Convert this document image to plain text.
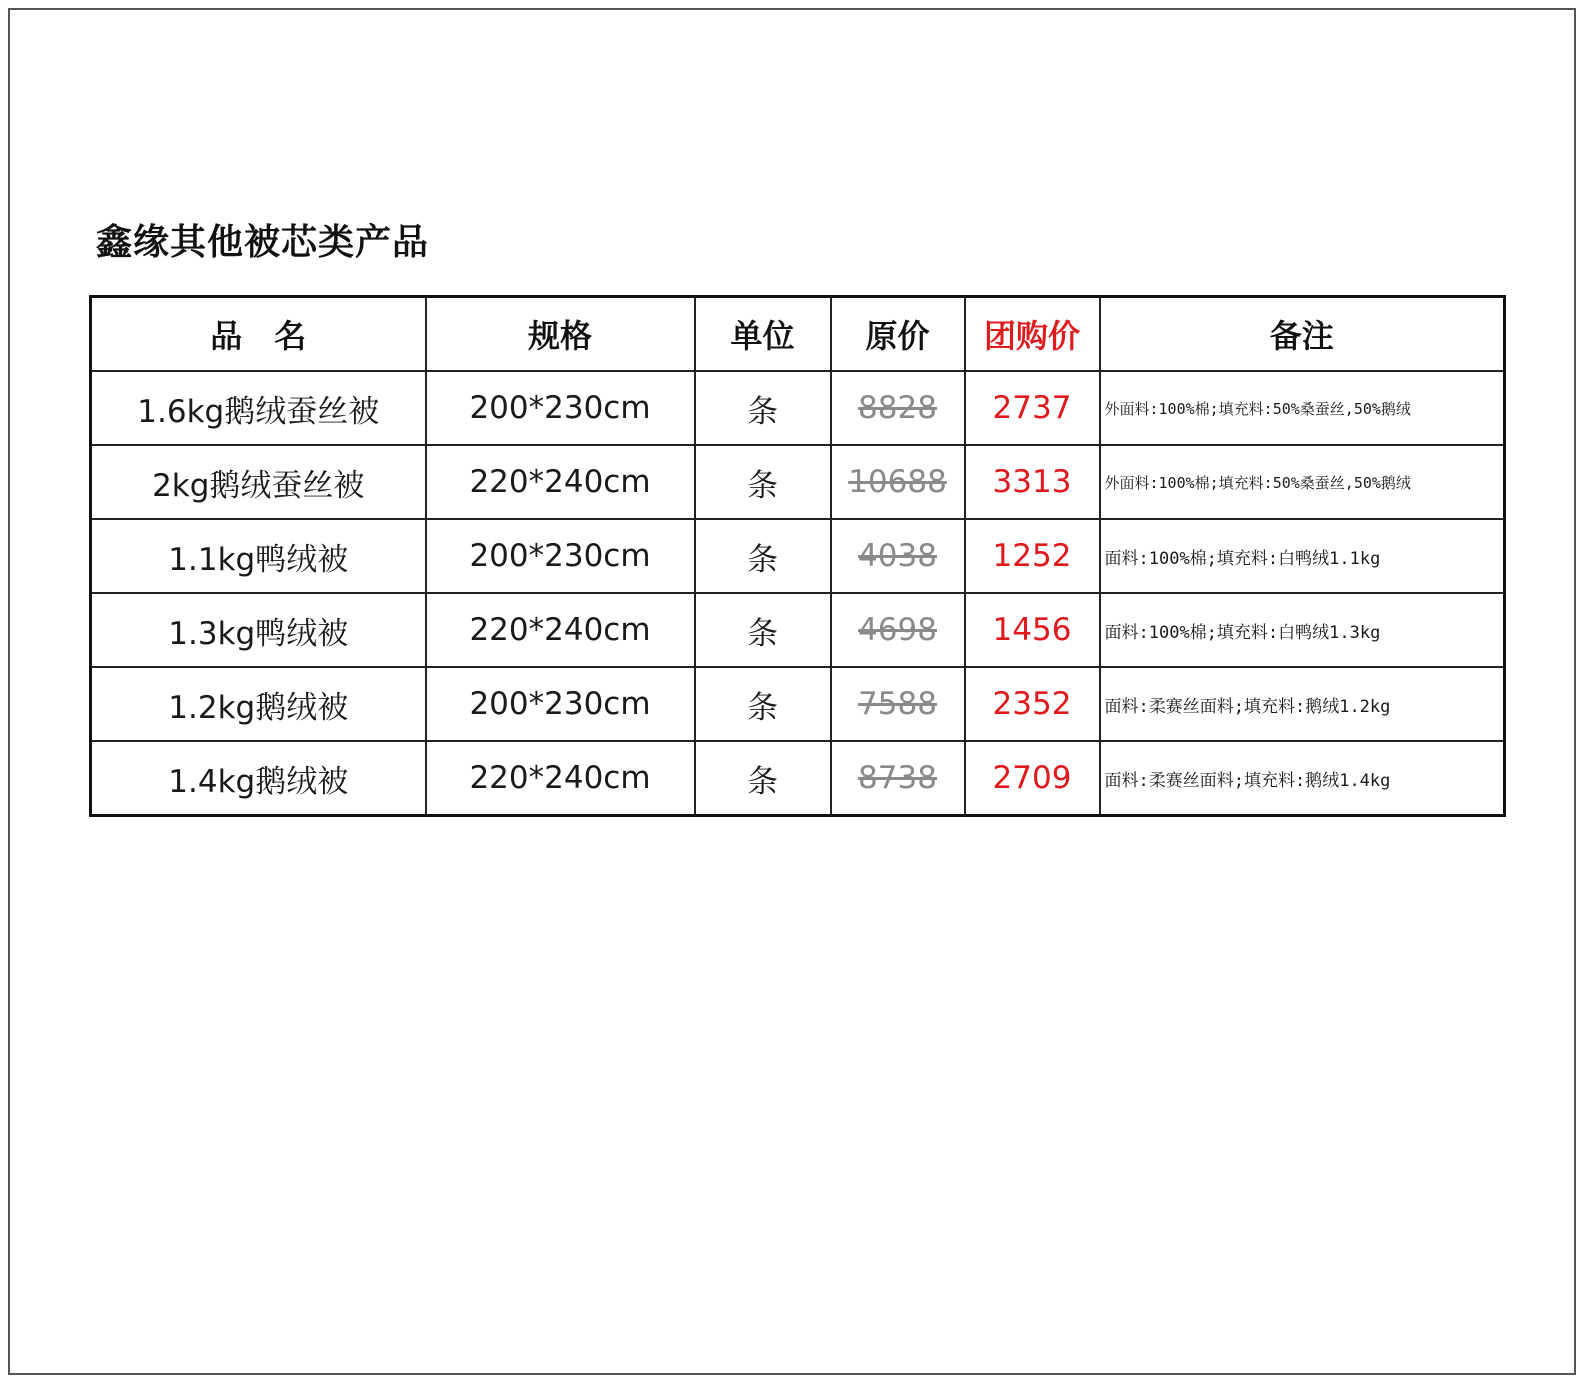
鑫缘其他被芯类产品
品　名	规格	单位	原价	团购价	备注
1.6kg鹅绒蚕丝被	200*230cm	条	8828	2737	外面料:100%棉;填充料:50%桑蚕丝,50%鹅绒
2kg鹅绒蚕丝被	220*240cm	条	10688	3313	外面料:100%棉;填充料:50%桑蚕丝,50%鹅绒
1.1kg鸭绒被	200*230cm	条	4038	1252	面料:100%棉;填充料:白鸭绒1.1kg
1.3kg鸭绒被	220*240cm	条	4698	1456	面料:100%棉;填充料:白鸭绒1.3kg
1.2kg鹅绒被	200*230cm	条	7588	2352	面料:柔赛丝面料;填充料:鹅绒1.2kg
1.4kg鹅绒被	220*240cm	条	8738	2709	面料:柔赛丝面料;填充料:鹅绒1.4kg
